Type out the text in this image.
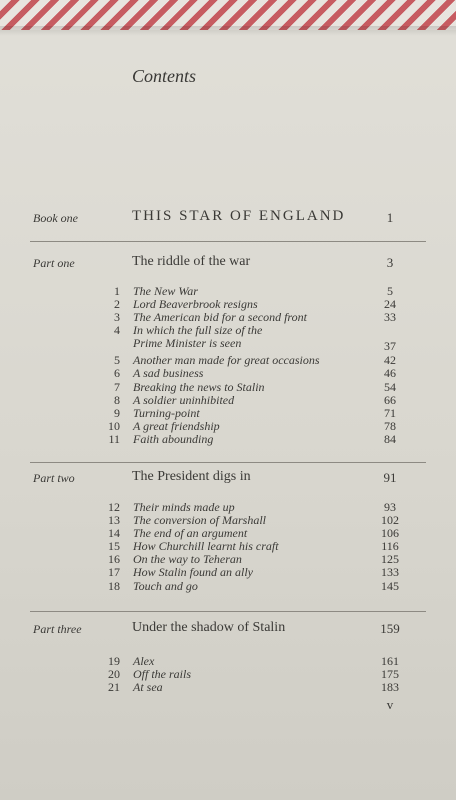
Contents
Book one	THIS STAR OF ENGLAND	1
Part one	The riddle of the war	3
1 The New War	5
2 Lord Beaverbrook resigns	24
3 The American bid for a second front	33
4 In which the full size of the
Prime Minister is seen	37
5 Another man made for great occasions	42
6 A sad business	46
7 Breaking the news to Stalin	54
8 A soldier uninhibited	66
9 Turning-point	71
10 A great friendship	78
11 Faith abounding	84
Part two	The President digs in	91
12 Their minds made up	93
13 The conversion of Marshall	102
14 The end of an argument	106
15 How Churchill learnt his craft	116
16 On the way to Teheran	125
17 How Stalin found an ally	133
18 Touch and go	145
Part three	Under the shadow of Stalin	159
19 Alex	161
20 Off the rails	175
21 At sea	183
v
